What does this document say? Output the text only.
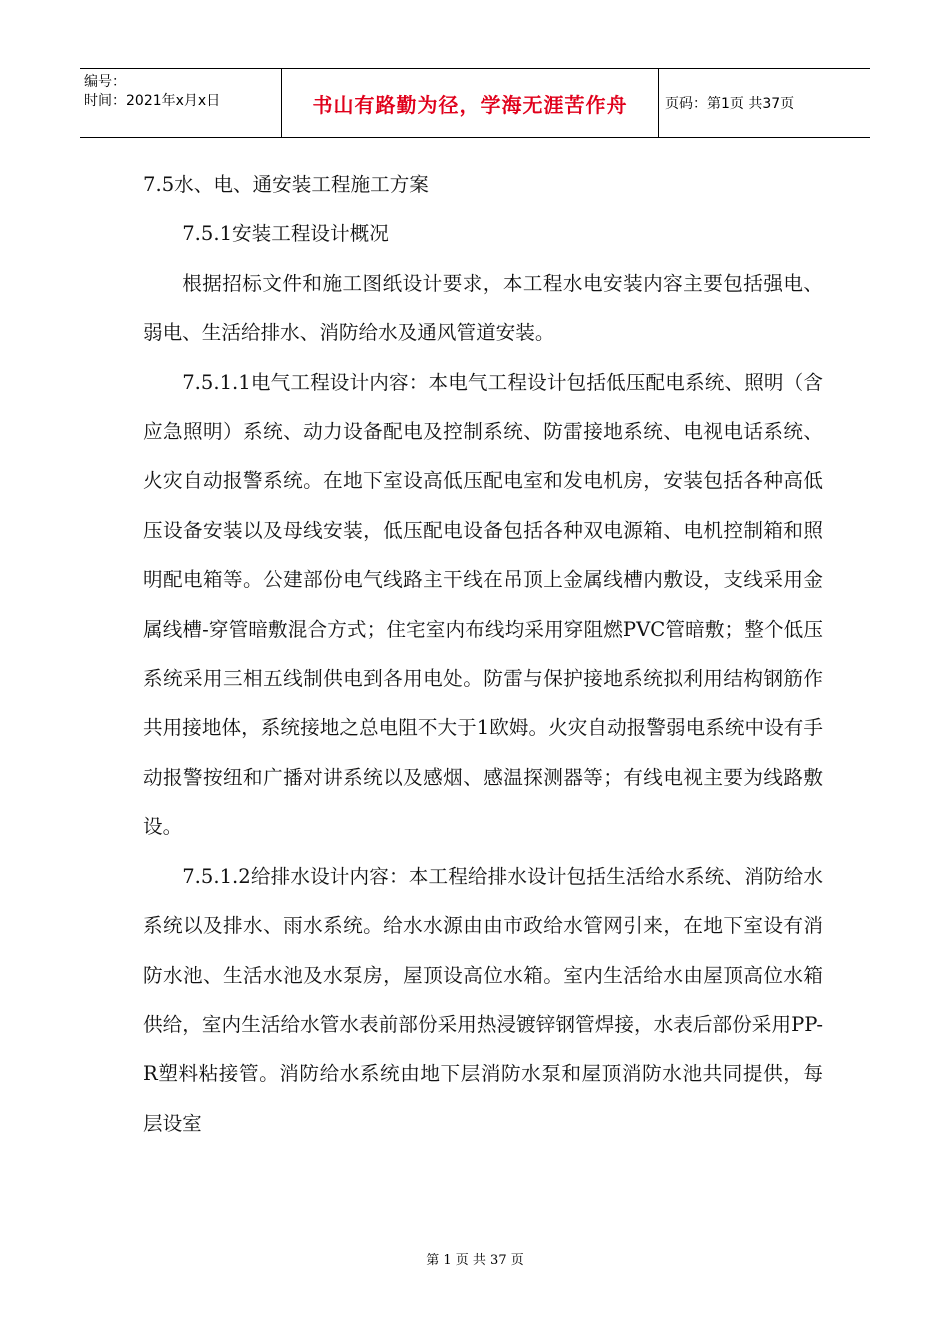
编号：
时间：2021年x月x日	书山有路勤为径，学海无涯苦作舟	页码：第1页 共37页

7.5水、电、通安装工程施工方案

7.5.1安装工程设计概况

根据招标文件和施工图纸设计要求，本工程水电安装内容主要包括强电、弱电、生活给排水、消防给水及通风管道安装。

7.5.1.1电气工程设计内容：本电气工程设计包括低压配电系统、照明（含应急照明）系统、动力设备配电及控制系统、防雷接地系统、电视电话系统、火灾自动报警系统。在地下室设高低压配电室和发电机房，安装包括各种高低压设备安装以及母线安装，低压配电设备包括各种双电源箱、电机控制箱和照明配电箱等。公建部份电气线路主干线在吊顶上金属线槽内敷设，支线采用金属线槽-穿管暗敷混合方式；住宅室内布线均采用穿阻燃PVC管暗敷；整个低压系统采用三相五线制供电到各用电处。防雷与保护接地系统拟利用结构钢筋作共用接地体，系统接地之总电阻不大于1欧姆。火灾自动报警弱电系统中设有手动报警按纽和广播对讲系统以及感烟、感温探测器等；有线电视主要为线路敷设。

7.5.1.2给排水设计内容：本工程给排水设计包括生活给水系统、消防给水系统以及排水、雨水系统。给水水源由由市政给水管网引来，在地下室设有消防水池、生活水池及水泵房，屋顶设高位水箱。室内生活给水由屋顶高位水箱供给，室内生活给水管水表前部份采用热浸镀锌钢管焊接，水表后部份采用PP-R塑料粘接管。消防给水系统由地下层消防水泵和屋顶消防水池共同提供，每层设室

第 1 页 共 37 页
